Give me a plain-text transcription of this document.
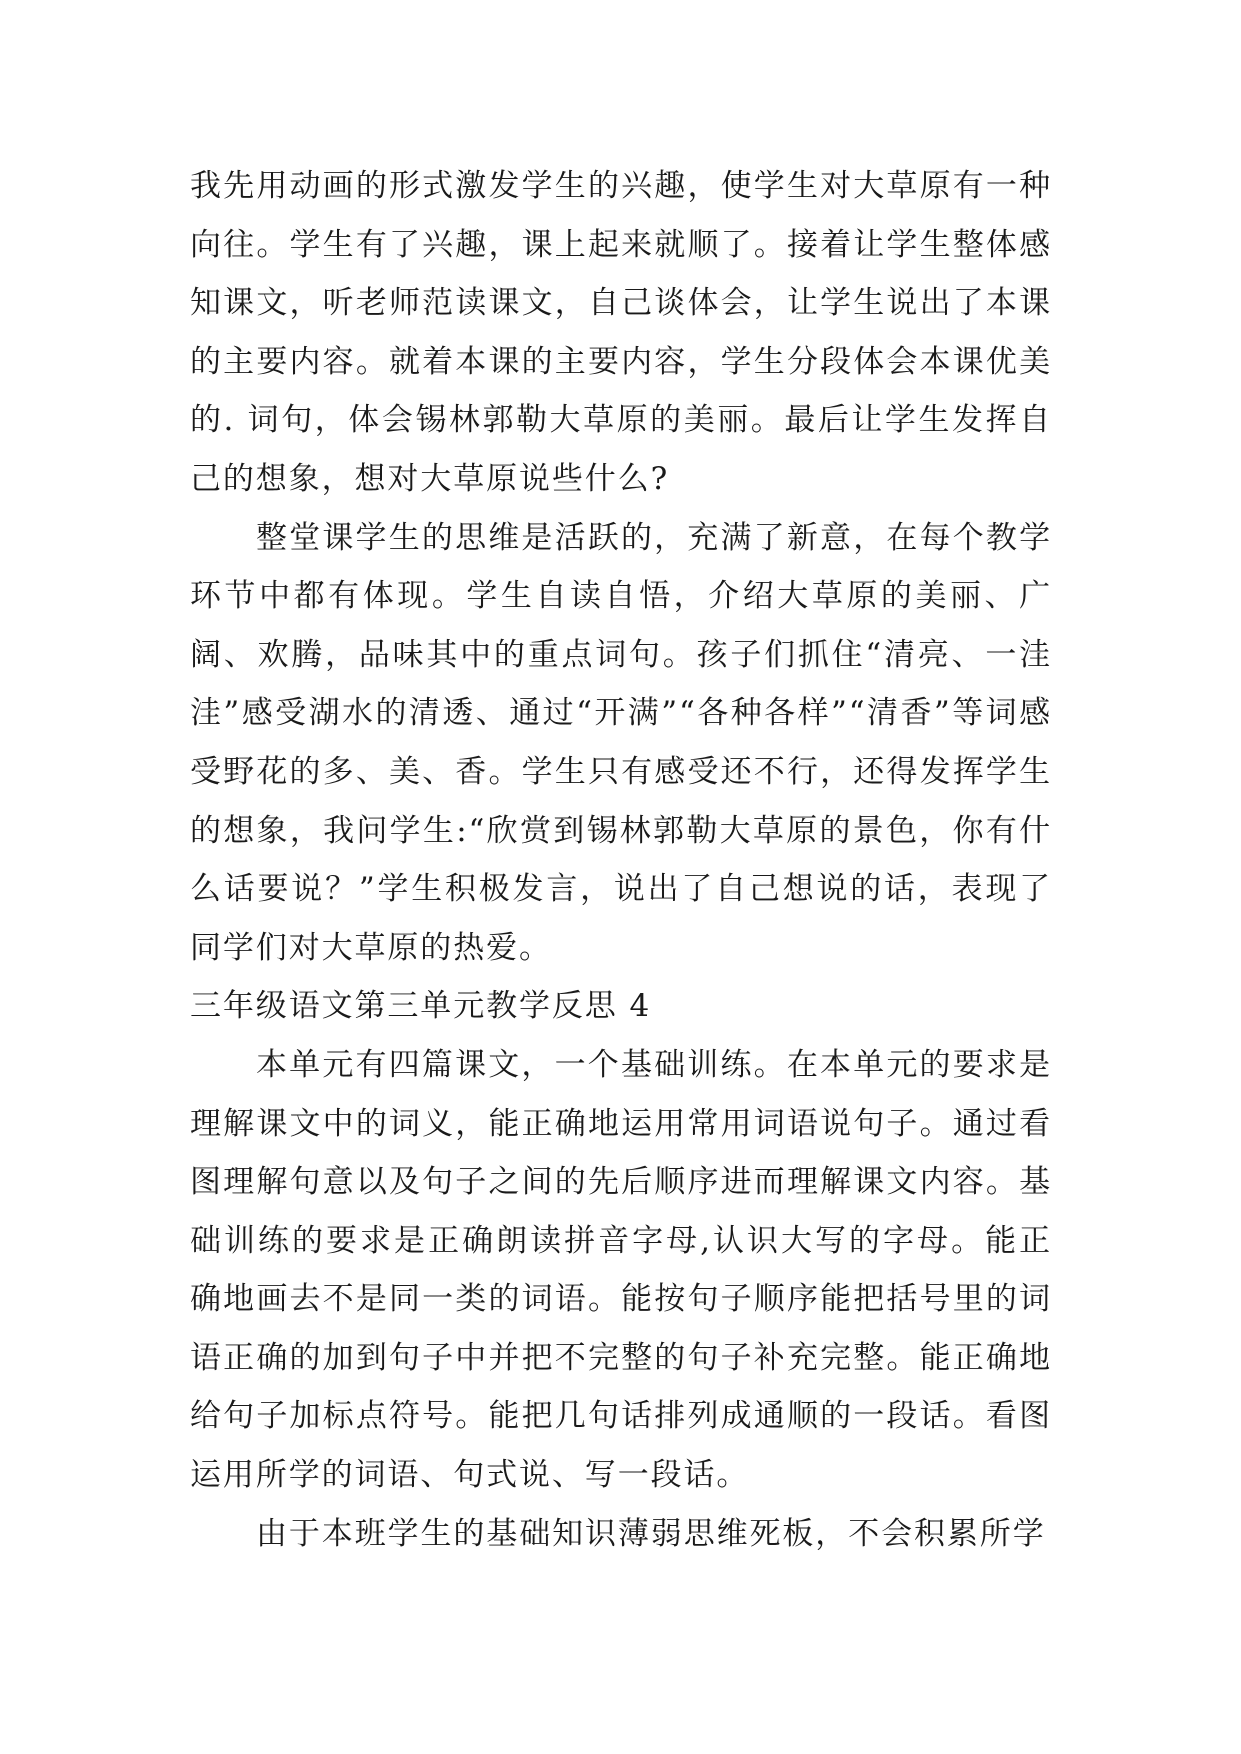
我先用动画的形式激发学生的兴趣，使学生对大草原有一种向往。学生有了兴趣，课上起来就顺了。接着让学生整体感知课文，听老师范读课文，自己谈体会，让学生说出了本课的主要内容。就着本课的主要内容，学生分段体会本课优美的. 词句，体会锡林郭勒大草原的美丽。最后让学生发挥自己的想象，想对大草原说些什么?

整堂课学生的思维是活跃的，充满了新意，在每个教学环节中都有体现。学生自读自悟，介绍大草原的美丽、广阔、欢腾，品味其中的重点词句。孩子们抓住“清亮、一洼洼”感受湖水的清透、通过“开满”“各种各样”“清香”等词感受野花的多、美、香。学生只有感受还不行，还得发挥学生的想象，我问学生:“欣赏到锡林郭勒大草原的景色，你有什么话要说？”学生积极发言，说出了自己想说的话，表现了同学们对大草原的热爱。

三年级语文第三单元教学反思 4

本单元有四篇课文，一个基础训练。在本单元的要求是理解课文中的词义，能正确地运用常用词语说句子。通过看图理解句意以及句子之间的先后顺序进而理解课文内容。基础训练的要求是正确朗读拼音字母,认识大写的字母。能正确地画去不是同一类的词语。能按句子顺序能把括号里的词语正确的加到句子中并把不完整的句子补充完整。能正确地给句子加标点符号。能把几句话排列成通顺的一段话。看图运用所学的词语、句式说、写一段话。

由于本班学生的基础知识薄弱思维死板，不会积累所学
